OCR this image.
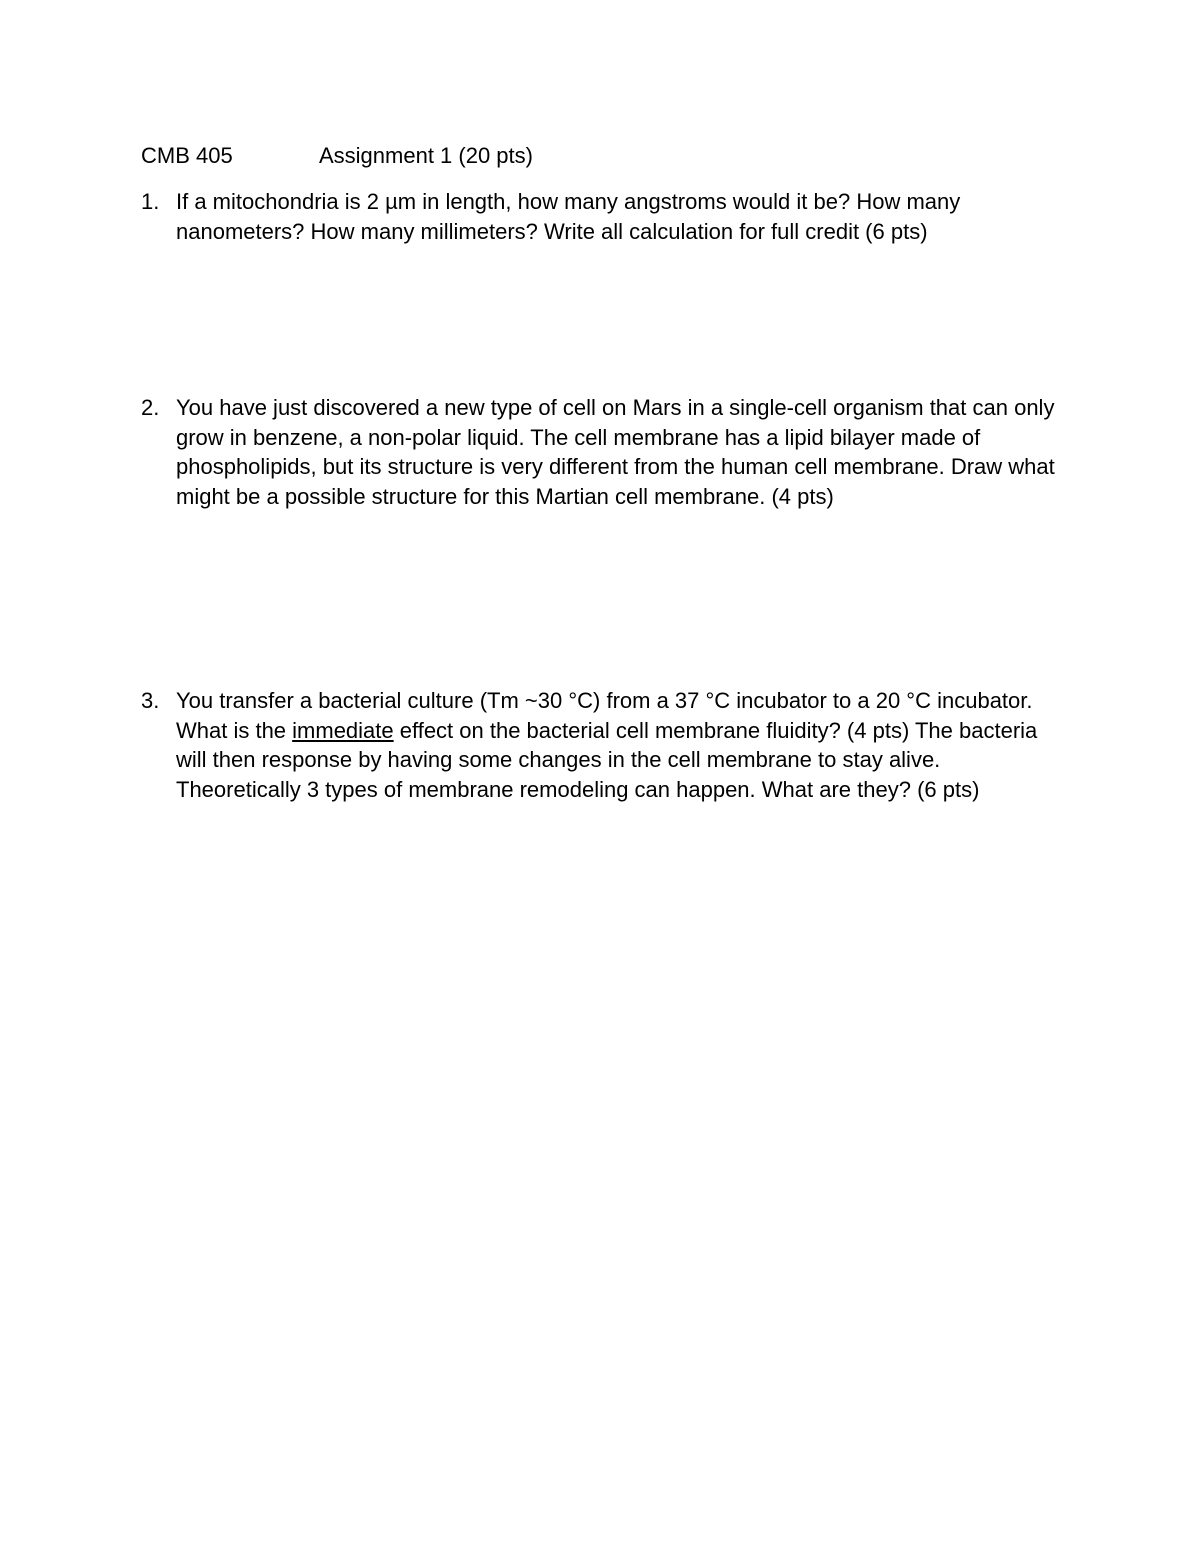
CMB 405	Assignment 1 (20 pts)
1. If a mitochondria is 2 µm in length, how many angstroms would it be? How many nanometers? How many millimeters? Write all calculation for full credit (6 pts)
2. You have just discovered a new type of cell on Mars in a single-cell organism that can only grow in benzene, a non-polar liquid. The cell membrane has a lipid bilayer made of phospholipids, but its structure is very different from the human cell membrane. Draw what might be a possible structure for this Martian cell membrane. (4 pts)
3. You transfer a bacterial culture (Tm ~30 °C) from a 37 °C incubator to a 20 °C incubator. What is the immediate effect on the bacterial cell membrane fluidity? (4 pts) The bacteria will then response by having some changes in the cell membrane to stay alive. Theoretically 3 types of membrane remodeling can happen. What are they? (6 pts)
